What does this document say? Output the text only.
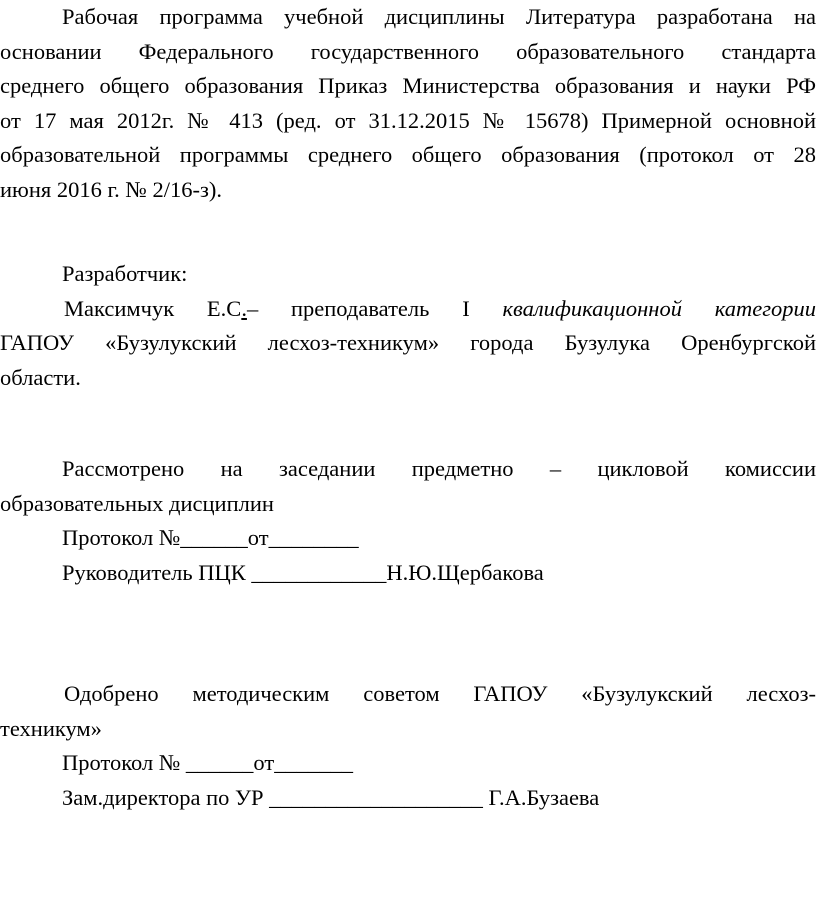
Рабочая программа учебной дисциплины Литература разработана на
основании Федерального государственного образовательного стандарта
среднего общего образования Приказ Министерства образования и науки РФ
от 17 мая 2012г. № 413 (ред. от 31.12.2015 № 15678) Примерной основной
образовательной программы среднего общего образования (протокол от 28
июня 2016 г. № 2/16-з).
Разработчик:
Максимчук Е.С.– преподаватель I квалификационной категории
ГАПОУ «Бузулукский лесхоз-техникум» города Бузулука Оренбургской
области.
Рассмотрено на заседании предметно – цикловой комиссии
образовательных дисциплин
Протокол №______от________
Руководитель ПЦК ____________Н.Ю.Щербакова
Одобрено методическим советом ГАПОУ «Бузулукский лесхоз-
техникум»
Протокол № ______от_______
Зам.директора по УР ___________________ Г.А.Бузаева
